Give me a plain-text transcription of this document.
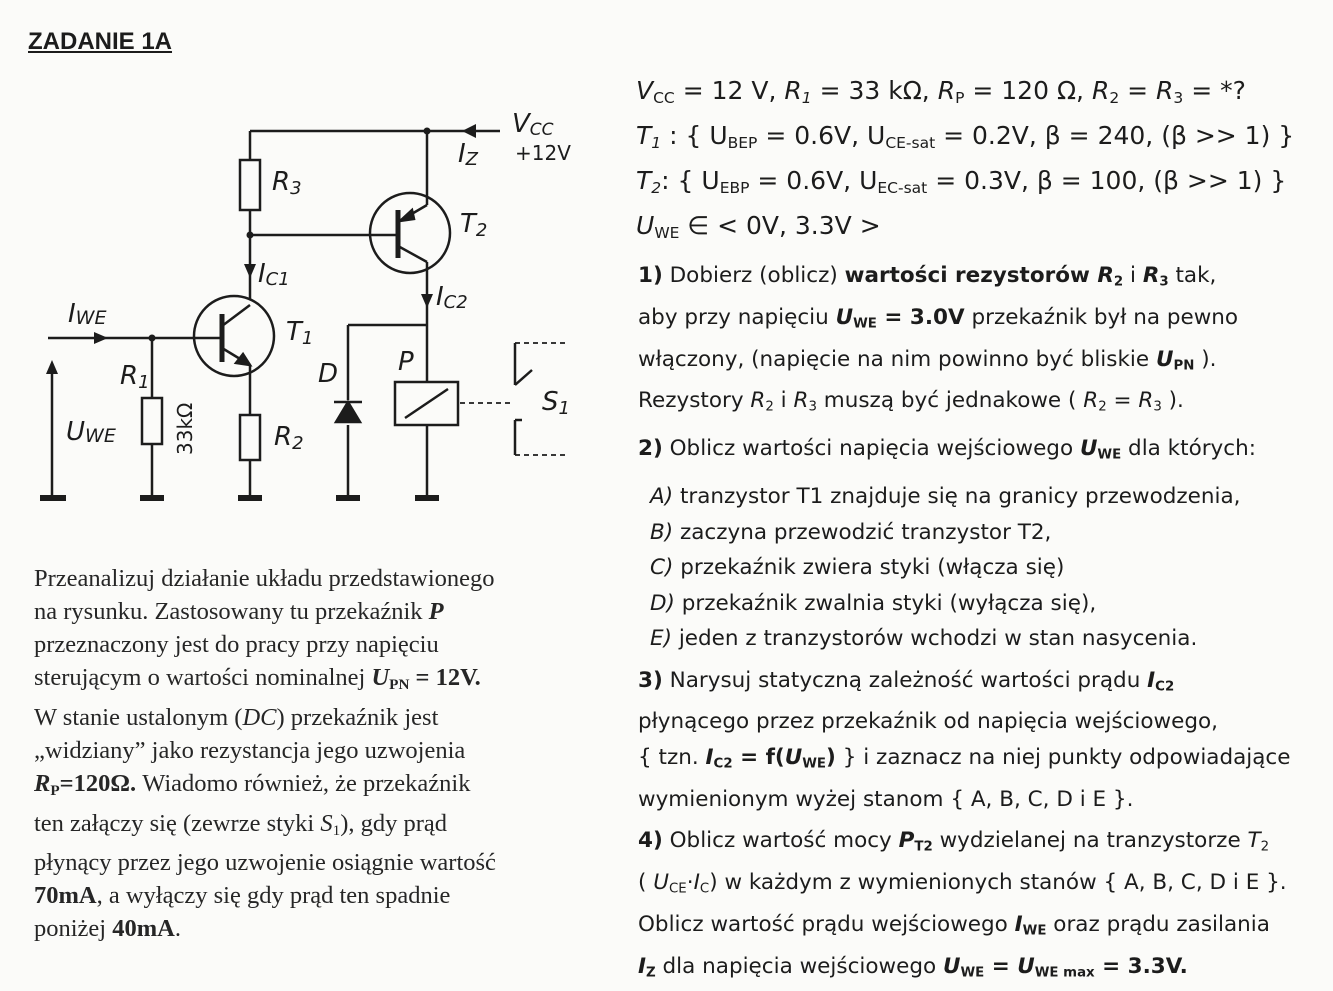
ZADANIE 1A
VCC
+12V
IZ
R3
T2
IC1
IC2
IWE	T1
R1
33kΩ
UWE	R2
D P
S1
$V_{CC} = 12$ V, $R_1 = 33$ kΩ, $R_P = 120$ Ω, $R_2 = R_3$ = *?
$T_1$ : { $U_{BEP} = 0.6V$, $U_{CE-sat} = 0.2V$, β = 240, (β >> 1) }
$T_2$: { $U_{EBP} = 0.6V$, $U_{EC-sat} = 0.3V$, β = 100, (β >> 1) }
$U_{WE}$ ∈ < 0V, 3.3V >
1) Dobierz (oblicz) wartości rezystorów $R_2$ i $R_3$ tak,
aby przy napięciu $U_{WE} = 3.0V$ przekaźnik był na pewno
włączony, (napięcie na nim powinno być bliskie $U_{PN}$ ).
Rezystory $R_2$ i $R_3$ muszą być jednakowe ( $R_2 = R_3$ ).
2) Oblicz wartości napięcia wejściowego $U_{WE}$ dla których:
A) tranzystor T1 znajduje się na granicy przewodzenia,
B) zaczyna przewodzić tranzystor T2,
C) przekaźnik zwiera styki (włącza się)
D) przekaźnik zwalnia styki (wyłącza się),
E) jeden z tranzystorów wchodzi w stan nasycenia.
3) Narysuj statyczną zależność wartości prądu $I_{C2}$
płynącego przez przekaźnik od napięcia wejściowego,
{ tzn. $I_{C2} = f(U_{WE})$ } i zaznacz na niej punkty odpowiadające
wymienionym wyżej stanom { A, B, C, D i E }.
4) Oblicz wartość mocy $P_{T2}$ wydzielanej na tranzystorze $T_2$
( $U_{CE}\cdot I_C$) w każdym z wymienionych stanów { A, B, C, D i E }.
Oblicz wartość prądu wejściowego $I_{WE}$ oraz prądu zasilania
$I_Z$ dla napięcia wejściowego $U_{WE} = U_{WE max} = 3.3V$.
Przeanalizuj działanie układu przedstawionego
na rysunku. Zastosowany tu przekaźnik P
przeznaczony jest do pracy przy napięciu
sterującym o wartości nominalnej $U_{PN} = 12V$.
W stanie ustalonym (DC) przekaźnik jest
„widziany” jako rezystancja jego uzwojenia
$R_P=120\Omega$. Wiadomo również, że przekaźnik
ten załączy się (zewrze styki $S_1$), gdy prąd
płynący przez jego uzwojenie osiągnie wartość
70mA, a wyłączy się gdy prąd ten spadnie
poniżej 40mA.
